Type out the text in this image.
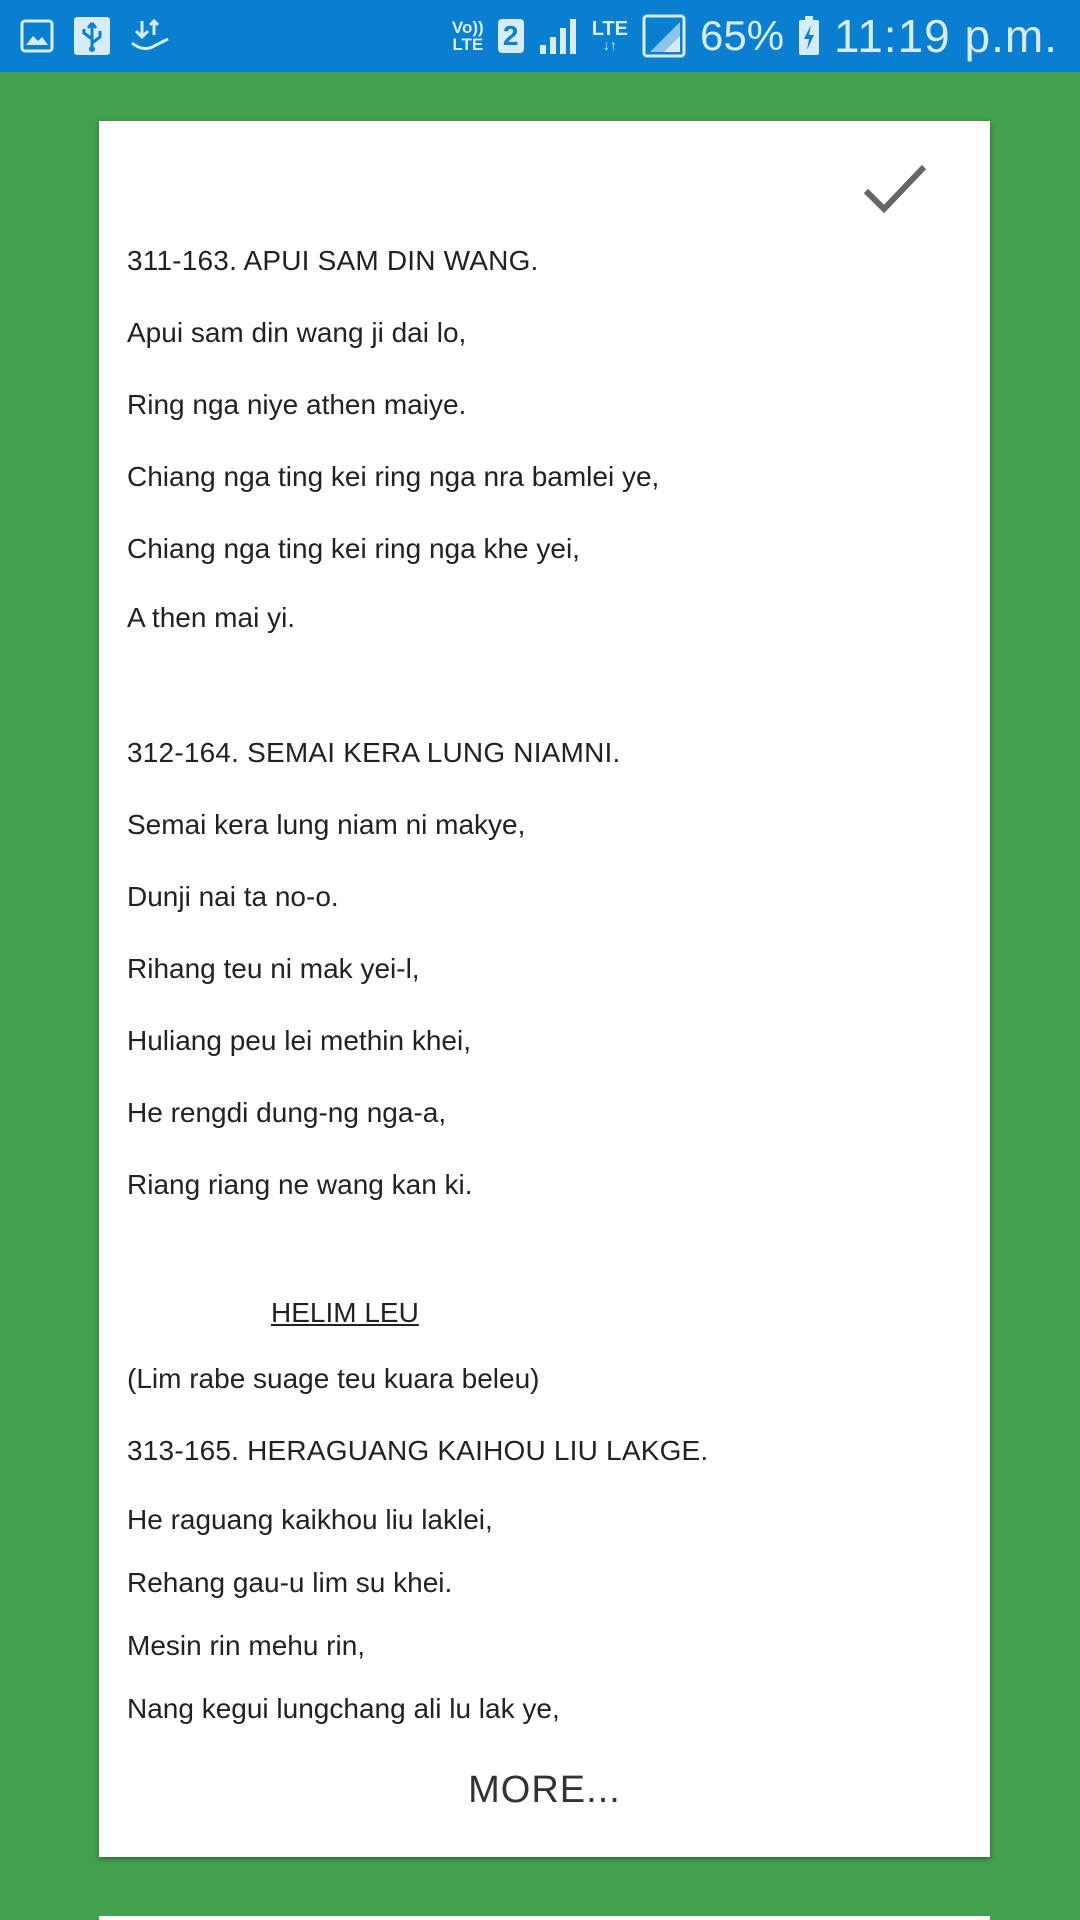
Vo))
LTE 2	LTE
↓↑ 65% 11:19 p.m.
311-163. APUI SAM DIN WANG.
Apui sam din wang ji dai lo,
Ring nga niye athen maiye.
Chiang nga ting kei ring nga nra bamlei ye,
Chiang nga ting kei ring nga khe yei,
A then mai yi.
312-164. SEMAI KERA LUNG NIAMNI.
Semai kera lung niam ni makye,
Dunji nai ta no-o.
Rihang teu ni mak yei-l,
Huliang peu lei methin khei,
He rengdi dung-ng nga-a,
Riang riang ne wang kan ki.
HELIM LEU
(Lim rabe suage teu kuara beleu)
313-165. HERAGUANG KAIHOU LIU LAKGE.
He raguang kaikhou liu laklei,
Rehang gau-u lim su khei.
Mesin rin mehu rin,
Nang kegui lungchang ali lu lak ye,
MORE...
